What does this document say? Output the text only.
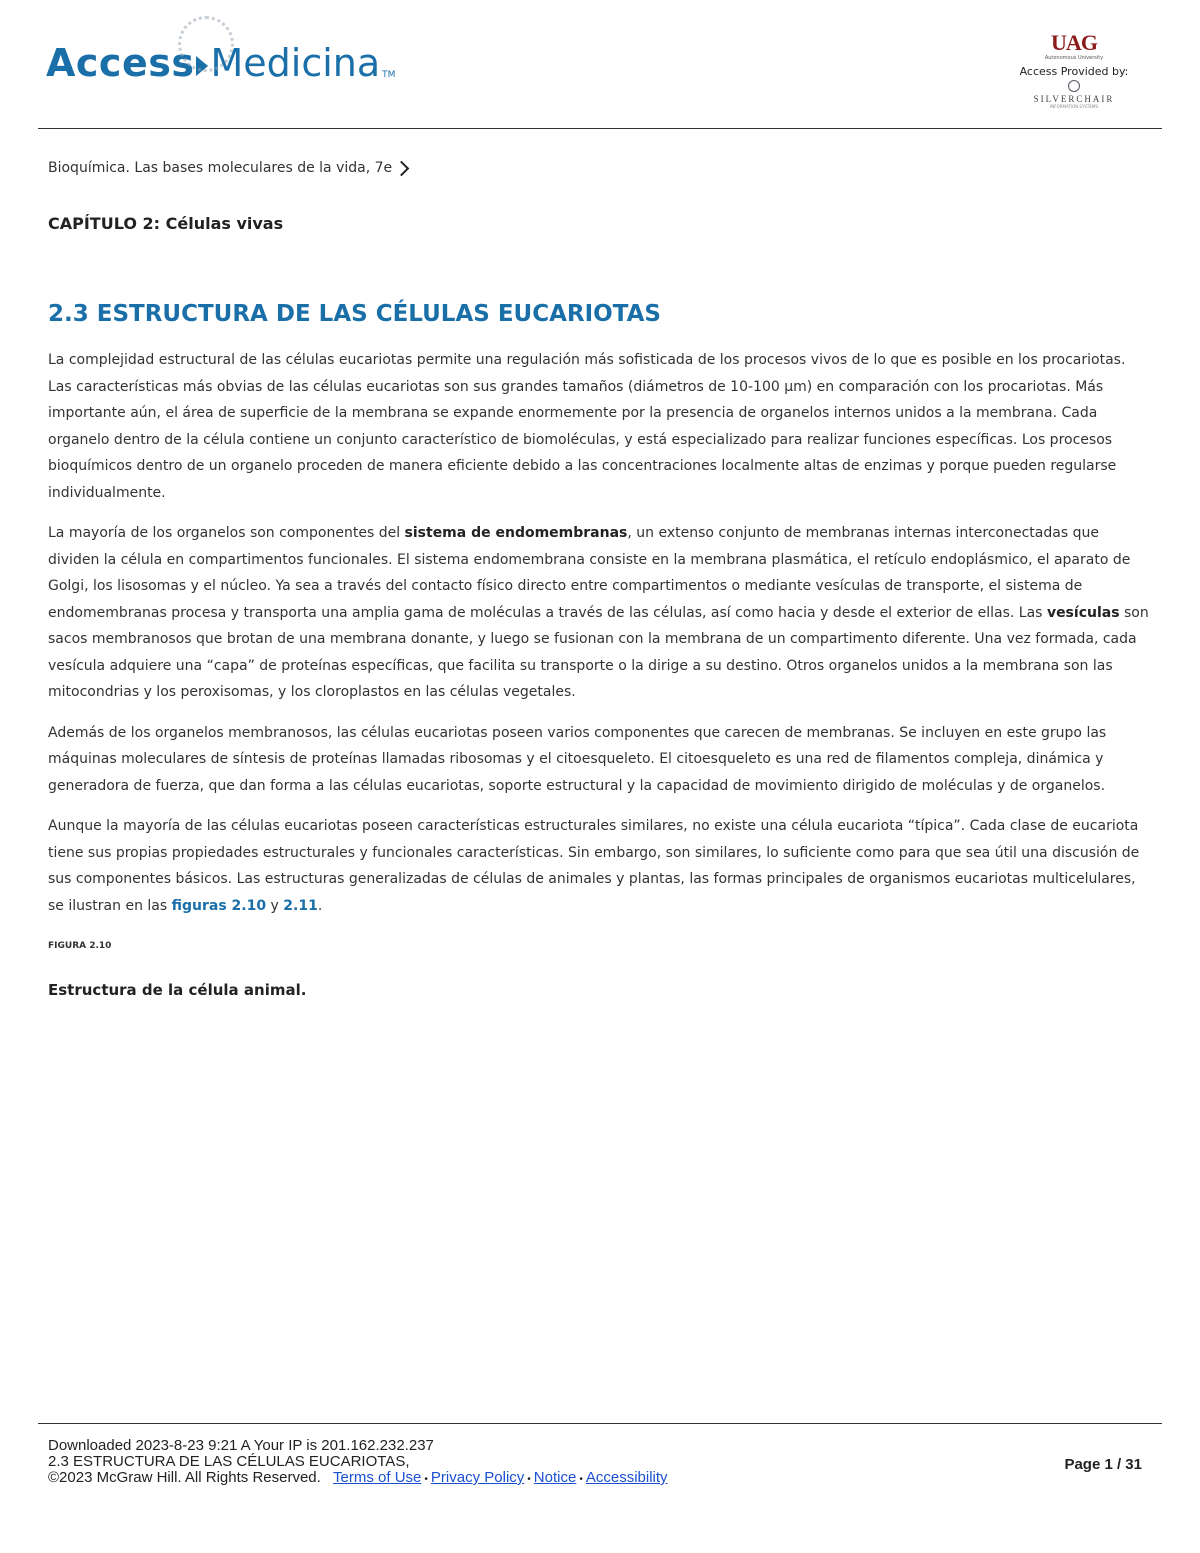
Access Medicina TM
UAG
Autonomous University
Access Provided by:
SILVERCHAIR
INFORMATION SYSTEMS
Bioquímica. Las bases moleculares de la vida, 7e
CAPÍTULO 2: Células vivas
2.3 ESTRUCTURA DE LAS CÉLULAS EUCARIOTAS

La complejidad estructural de las células eucariotas permite una regulación más sofisticada de los procesos vivos de lo que es posible en los procariotas. Las características más obvias de las células eucariotas son sus grandes tamaños (diámetros de 10-100 µm) en comparación con los procariotas. Más importante aún, el área de superficie de la membrana se expande enormemente por la presencia de organelos internos unidos a la membrana. Cada organelo dentro de la célula contiene un conjunto característico de biomoléculas, y está especializado para realizar funciones específicas. Los procesos bioquímicos dentro de un organelo proceden de manera eficiente debido a las concentraciones localmente altas de enzimas y porque pueden regularse individualmente.

La mayoría de los organelos son componentes del sistema de endomembranas, un extenso conjunto de membranas internas interconectadas que dividen la célula en compartimentos funcionales. El sistema endomembrana consiste en la membrana plasmática, el retículo endoplásmico, el aparato de Golgi, los lisosomas y el núcleo. Ya sea a través del contacto físico directo entre compartimentos o mediante vesículas de transporte, el sistema de endomembranas procesa y transporta una amplia gama de moléculas a través de las células, así como hacia y desde el exterior de ellas. Las vesículas son sacos membranosos que brotan de una membrana donante, y luego se fusionan con la membrana de un compartimento diferente. Una vez formada, cada vesícula adquiere una “capa” de proteínas específicas, que facilita su transporte o la dirige a su destino. Otros organelos unidos a la membrana son las mitocondrias y los peroxisomas, y los cloroplastos en las células vegetales.

Además de los organelos membranosos, las células eucariotas poseen varios componentes que carecen de membranas. Se incluyen en este grupo las máquinas moleculares de síntesis de proteínas llamadas ribosomas y el citoesqueleto. El citoesqueleto es una red de filamentos compleja, dinámica y generadora de fuerza, que dan forma a las células eucariotas, soporte estructural y la capacidad de movimiento dirigido de moléculas y de organelos.

Aunque la mayoría de las células eucariotas poseen características estructurales similares, no existe una célula eucariota “típica”. Cada clase de eucariota tiene sus propias propiedades estructurales y funcionales características. Sin embargo, son similares, lo suficiente como para que sea útil una discusión de sus componentes básicos. Las estructuras generalizadas de células de animales y plantas, las formas principales de organismos eucariotas multicelulares, se ilustran en las figuras 2.10 y 2.11.

FIGURA 2.10
Estructura de la célula animal.
Downloaded 2023-8-23 9:21 A Your IP is 201.162.232.237
2.3 ESTRUCTURA DE LAS CÉLULAS EUCARIOTAS,
©2023 McGraw Hill. All Rights Reserved. Terms of Use • Privacy Policy • Notice • Accessibility
Page 1 / 31
